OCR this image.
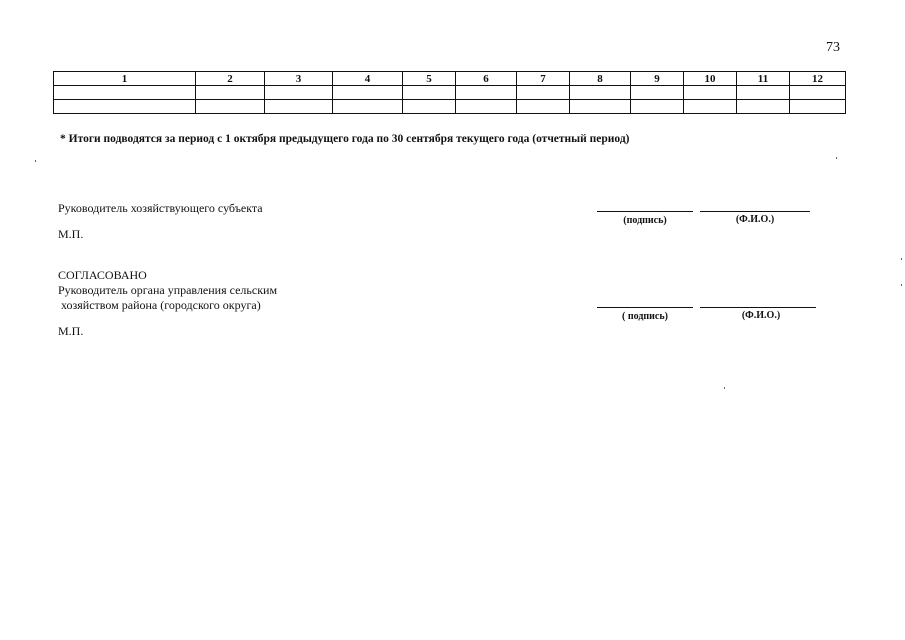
73
1	2	3	4	5	6	7	8	9	10	11	12

* Итоги подводятся за период с 1 октября предыдущего года по 30 сентября текущего года (отчетный период)
Руководитель хозяйствующего субъекта
М.П.
(подпись)	(Ф.И.О.)
СОГЛАСОВАНО
Руководитель органа управления сельским
хозяйством района (городского округа)
М.П.
( подпись)	(Ф.И.О.)
